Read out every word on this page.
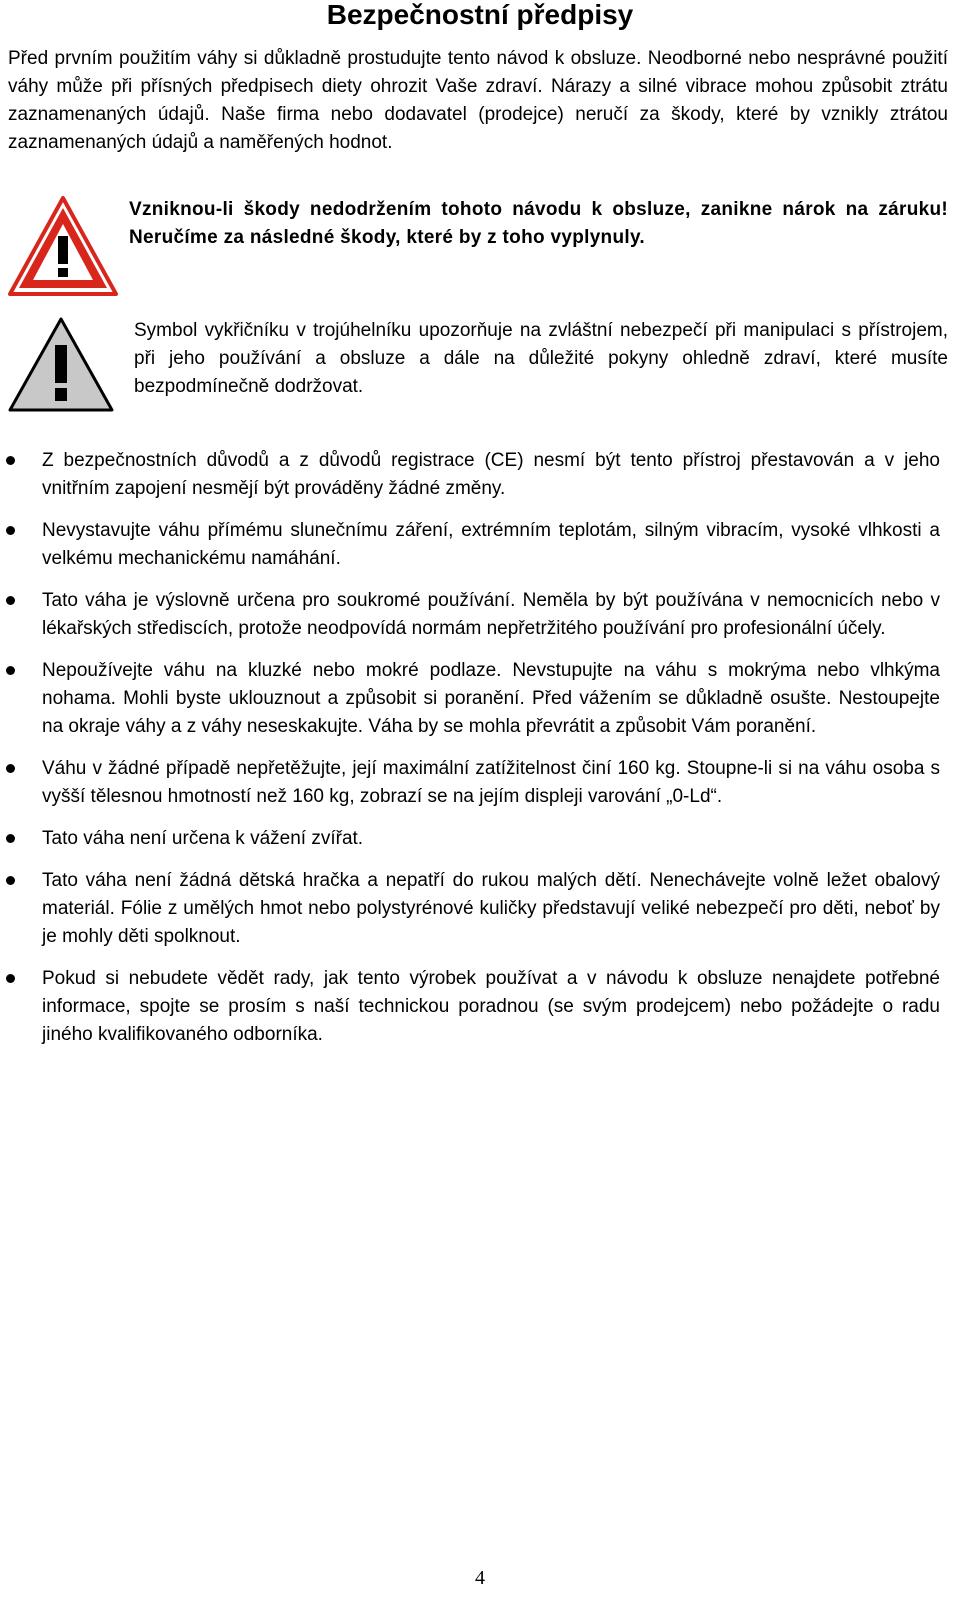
Bezpečnostní předpisy

Před prvním použitím váhy si důkladně prostudujte tento návod k obsluze. Neodborné nebo nesprávné použití váhy může při přísných předpisech diety ohrozit Vaše zdraví. Nárazy a silné vibrace mohou způsobit ztrátu zaznamenaných údajů. Naše firma nebo dodavatel (prodejce) neručí za škody, které by vznikly ztrátou zaznamenaných údajů a naměřených hodnot.

Vzniknou-li škody nedodržením tohoto návodu k obsluze, zanikne nárok na záruku! Neručíme za následné škody, které by z toho vyplynuly.

Symbol vykřičníku v trojúhelníku upozorňuje na zvláštní nebezpečí při manipulaci s přístrojem, při jeho používání a obsluze a dále na důležité pokyny ohledně zdraví, které musíte bezpodmínečně dodržovat.

Z bezpečnostních důvodů a z důvodů registrace (CE) nesmí být tento přístroj přestavován a v jeho vnitřním zapojení nesmějí být prováděny žádné změny.
Nevystavujte váhu přímému slunečnímu záření, extrémním teplotám, silným vibracím, vysoké vlhkosti a velkému mechanickému namáhání.
Tato váha je výslovně určena pro soukromé používání. Neměla by být používána v nemocnicích nebo v lékařských střediscích, protože neodpovídá normám nepřetržitého používání pro profesionální účely.
Nepoužívejte váhu na kluzké nebo mokré podlaze. Nevstupujte na váhu s mokrýma nebo vlhkýma nohama. Mohli byste uklouznout a způsobit si poranění. Před vážením se důkladně osušte. Nestoupejte na okraje váhy a z váhy neseskakujte. Váha by se mohla převrátit a způsobit Vám poranění.
Váhu v žádné případě nepřetěžujte, její maximální zatížitelnost činí 160 kg. Stoupne-li si na váhu osoba s vyšší tělesnou hmotností než 160 kg, zobrazí se na jejím displeji varování „0-Ld“.
Tato váha není určena k vážení zvířat.
Tato váha není žádná dětská hračka a nepatří do rukou malých dětí. Nenechávejte volně ležet obalový materiál. Fólie z umělých hmot nebo polystyrénové kuličky představují veliké nebezpečí pro děti, neboť by je mohly děti spolknout.
Pokud si nebudete vědět rady, jak tento výrobek používat a v návodu k obsluze nenajdete potřebné informace, spojte se prosím s naší technickou poradnou (se svým prodejcem) nebo požádejte o radu jiného kvalifikovaného odborníka.

4
